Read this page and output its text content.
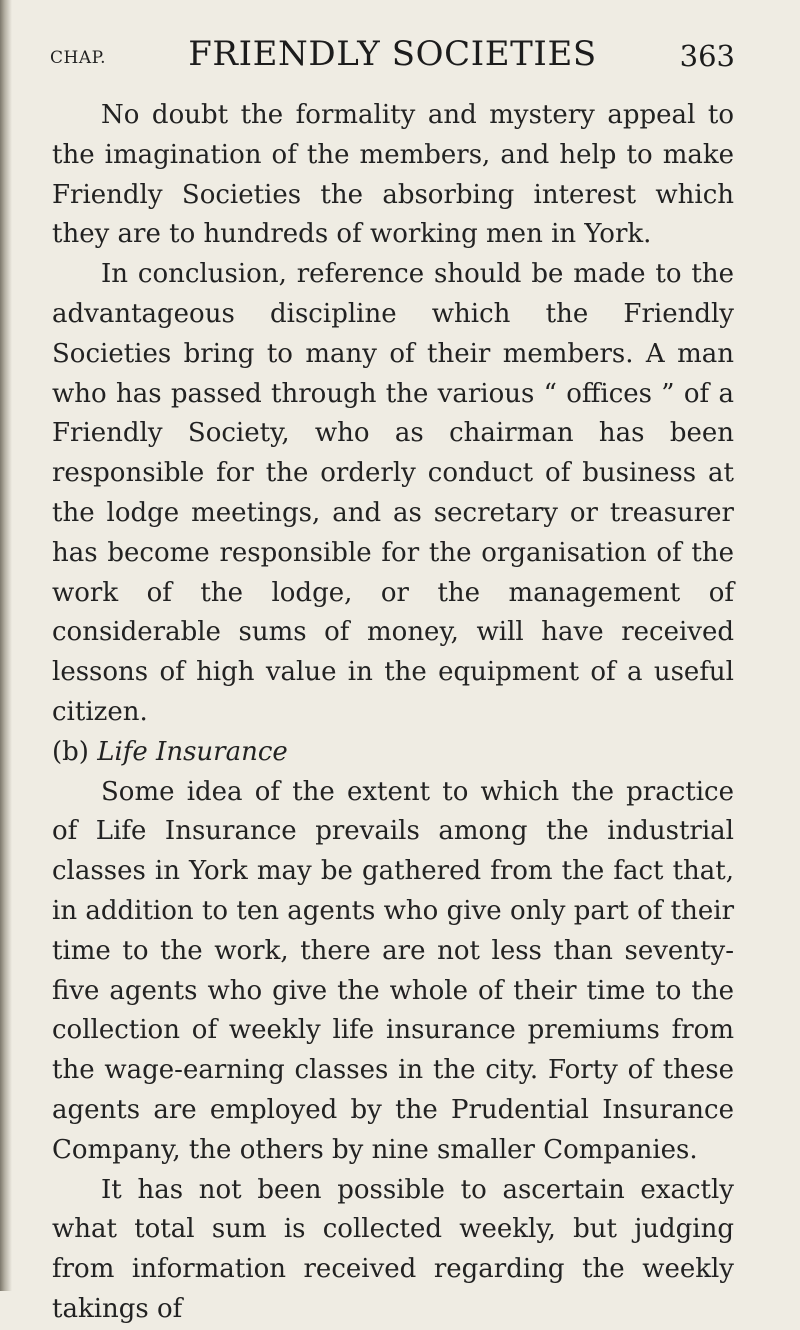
CHAP.	FRIENDLY SOCIETIES	363

No doubt the formality and mystery appeal to the imagination of the members, and help to make Friendly Societies the absorbing interest which they are to hundreds of working men in York.

In conclusion, reference should be made to the advantageous discipline which the Friendly Societies bring to many of their members. A man who has passed through the various “ offices ” of a Friendly Society, who as chairman has been responsible for the orderly conduct of business at the lodge meetings, and as secretary or treasurer has become responsible for the organisation of the work of the lodge, or the management of considerable sums of money, will have received lessons of high value in the equipment of a useful citizen.

(b) Life Insurance

Some idea of the extent to which the practice of Life Insurance prevails among the industrial classes in York may be gathered from the fact that, in addition to ten agents who give only part of their time to the work, there are not less than seventy-five agents who give the whole of their time to the collection of weekly life insurance premiums from the wage-earning classes in the city. Forty of these agents are employed by the Prudential Insurance Company, the others by nine smaller Companies.

It has not been possible to ascertain exactly what total sum is collected weekly, but judging from information received regarding the weekly takings of
